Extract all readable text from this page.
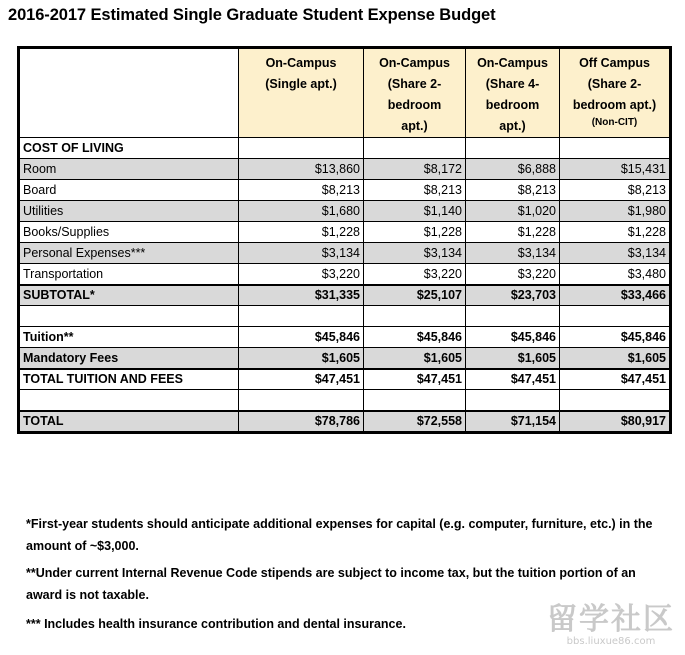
2016-2017 Estimated Single Graduate Student Expense Budget
	On-Campus
(Single apt.)	On-Campus
(Share 2-
bedroom
apt.)	On-Campus
(Share 4-
bedroom
apt.)	Off Campus
(Share 2-
bedroom apt.)
(Non-CIT)

COST OF LIVING				
Room	$13,860	$8,172	$6,888	$15,431
Board	$8,213	$8,213	$8,213	$8,213
Utilities	$1,680	$1,140	$1,020	$1,980
Books/Supplies	$1,228	$1,228	$1,228	$1,228
Personal Expenses***	$3,134	$3,134	$3,134	$3,134
Transportation	$3,220	$3,220	$3,220	$3,480
SUBTOTAL*	$31,335	$25,107	$23,703	$33,466

Tuition**	$45,846	$45,846	$45,846	$45,846
Mandatory Fees	$1,605	$1,605	$1,605	$1,605
TOTAL TUITION AND FEES	$47,451	$47,451	$47,451	$47,451

TOTAL	$78,786	$72,558	$71,154	$80,917
*First-year students should anticipate additional expenses for capital (e.g. computer, furniture, etc.) in the amount of ~$3,000.
**Under current Internal Revenue Code stipends are subject to income tax, but the tuition portion of an award is not taxable.
*** Includes health insurance contribution and dental insurance.	留学社区
bbs.liuxue86.com
